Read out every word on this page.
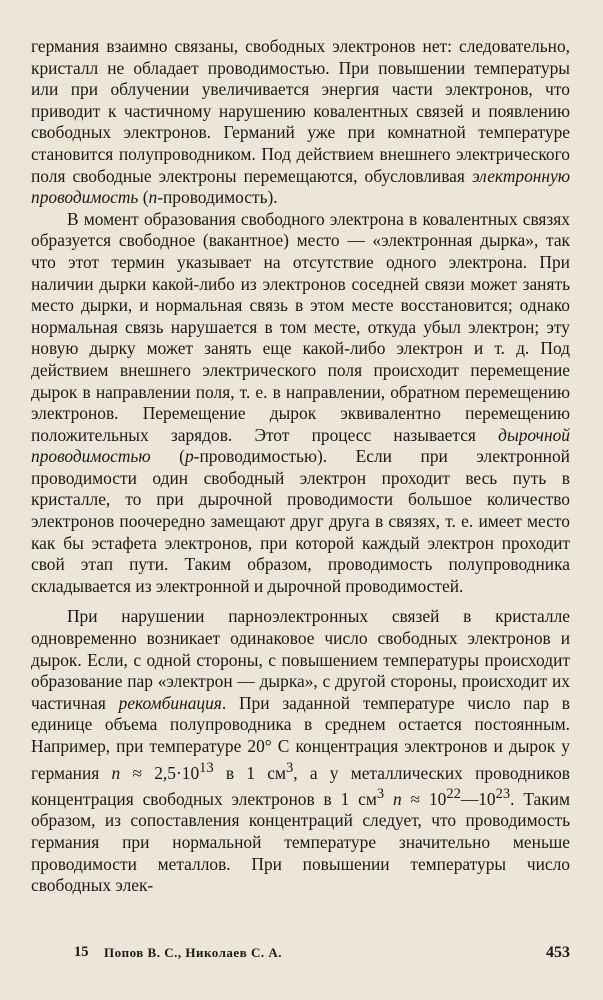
германия взаимно связаны, свободных электронов нет: следовательно, кристалл не обладает проводимостью. При повышении температуры или при облучении увеличивается энергия части электронов, что приводит к частичному нарушению ковалентных связей и появлению свободных электронов. Германий уже при комнатной температуре становится полупроводником. Под действием внешнего электрического поля свободные электроны перемещаются, обусловливая электронную проводимость (n-проводимость).

В момент образования свободного электрона в ковалентных связях образуется свободное (вакантное) место — «электронная дырка», так что этот термин указывает на отсутствие одного электрона. При наличии дырки какой-либо из электронов соседней связи может занять место дырки, и нормальная связь в этом месте восстановится; однако нормальная связь нарушается в том месте, откуда убыл электрон; эту новую дырку может занять еще какой-либо электрон и т. д. Под действием внешнего электрического поля происходит перемещение дырок в направлении поля, т. е. в направлении, обратном перемещению электронов. Перемещение дырок эквивалентно перемещению положительных зарядов. Этот процесс называется дырочной проводимостью (p-проводимостью). Если при электронной проводимости один свободный электрон проходит весь путь в кристалле, то при дырочной проводимости большое количество электронов поочередно замещают друг друга в связях, т. е. имеет место как бы эстафета электронов, при которой каждый электрон проходит свой этап пути. Таким образом, проводимость полупроводника складывается из электронной и дырочной проводимостей.

При нарушении парноэлектронных связей в кристалле одновременно возникает одинаковое число свободных электронов и дырок. Если, с одной стороны, с повышением температуры происходит образование пар «электрон — дырка», с другой стороны, происходит их частичная рекомбинация. При заданной температуре число пар в единице объема полупроводника в среднем остается постоянным. Например, при температуре 20° С концентрация электронов и дырок у германия $n \approx 2,5\cdot 10^{13}$ в 1 $см^3$, а у металлических проводников концентрация свободных электронов в 1 $см^3$ $n \approx 10^{22}—10^{23}$. Таким образом, из сопоставления концентраций следует, что проводимость германия при нормальной температуре значительно меньше проводимости металлов. При повышении температуры число свободных элек-

15 Попов В. С., Николаев С. А.	453
